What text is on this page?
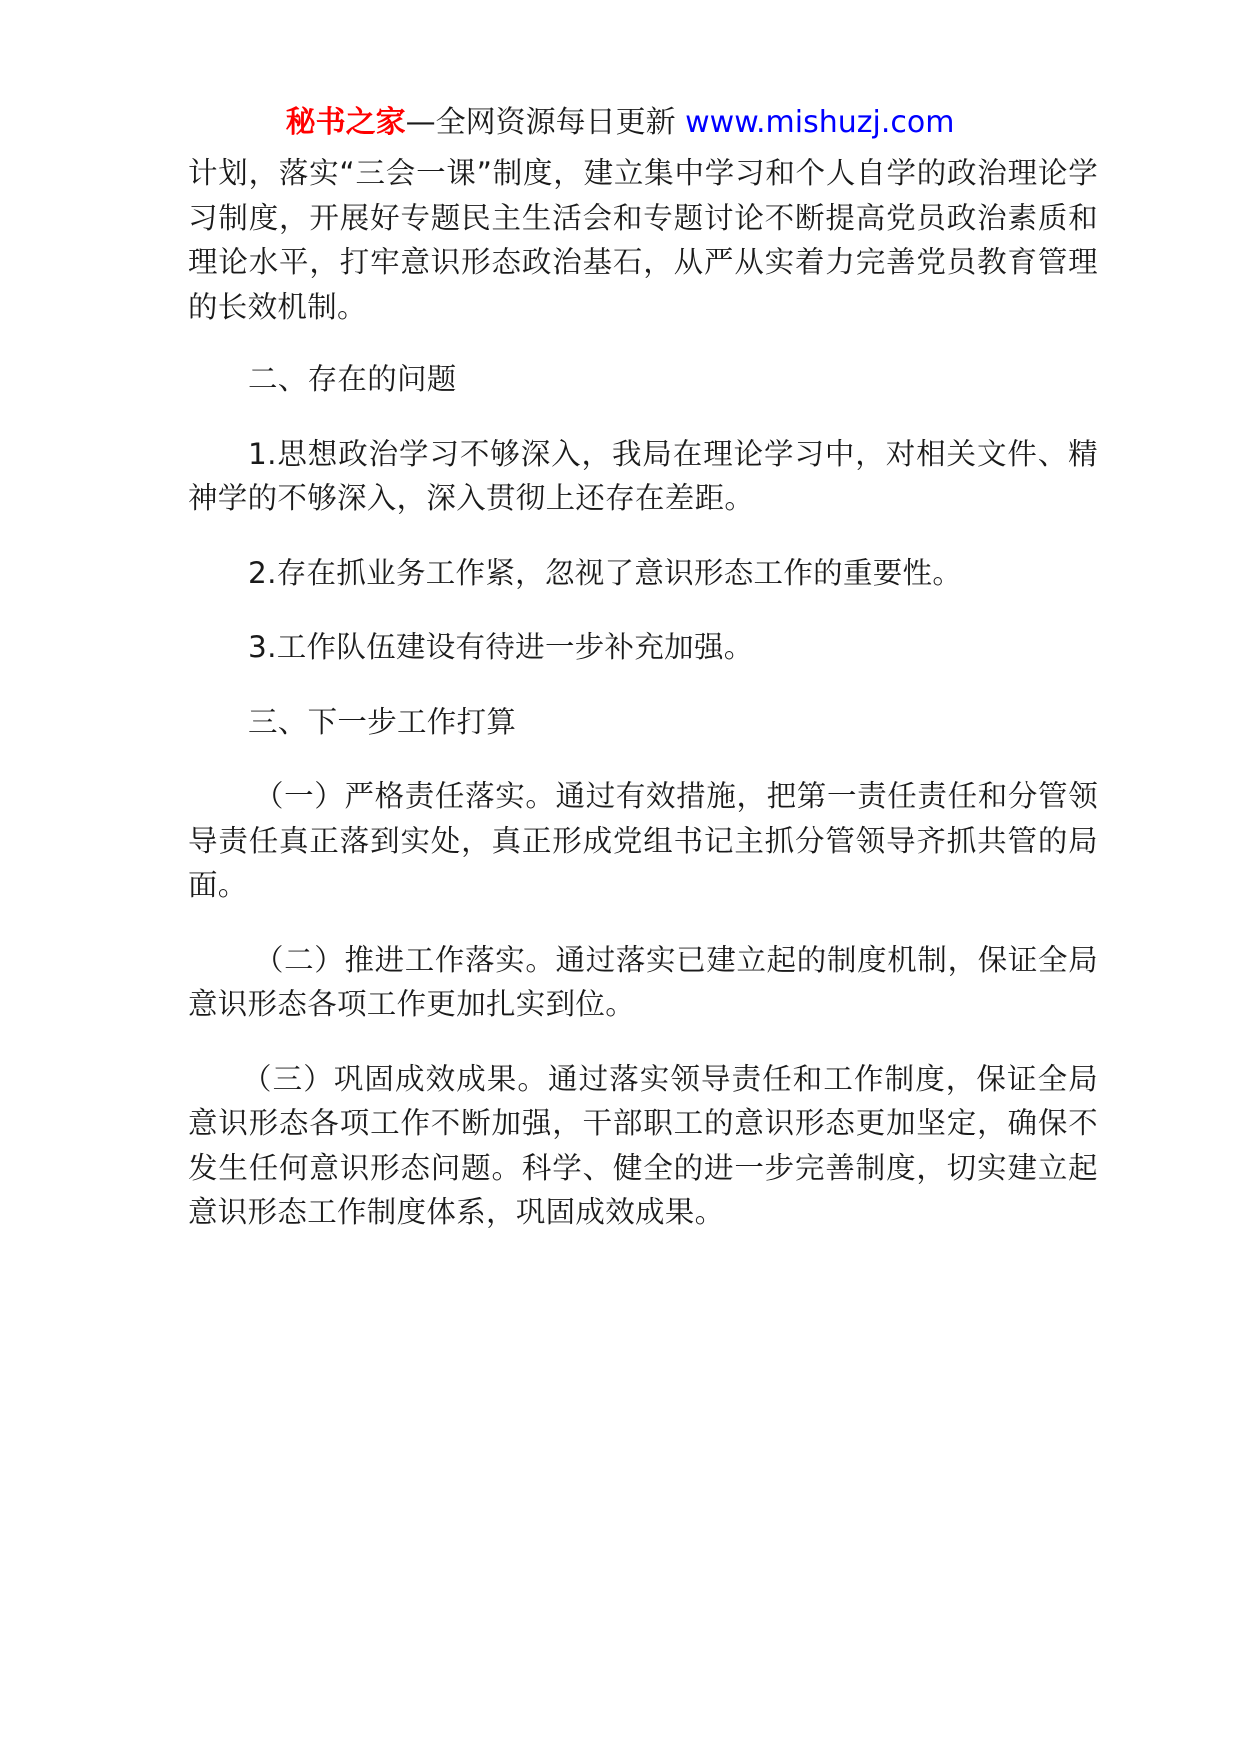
秘书之家—全网资源每日更新 www.mishuzj.com

计划，落实“三会一课”制度，建立集中学习和个人自学的政治理论学习制度，开展好专题民主生活会和专题讨论不断提高党员政治素质和理论水平，打牢意识形态政治基石，从严从实着力完善党员教育管理的长效机制。

二、存在的问题

1.思想政治学习不够深入，我局在理论学习中，对相关文件、精神学的不够深入，深入贯彻上还存在差距。

2.存在抓业务工作紧，忽视了意识形态工作的重要性。

3.工作队伍建设有待进一步补充加强。

三、下一步工作打算

（一）严格责任落实。通过有效措施，把第一责任责任和分管领导责任真正落到实处，真正形成党组书记主抓分管领导齐抓共管的局面。

（二）推进工作落实。通过落实已建立起的制度机制，保证全局意识形态各项工作更加扎实到位。

（三）巩固成效成果。通过落实领导责任和工作制度，保证全局意识形态各项工作不断加强，干部职工的意识形态更加坚定，确保不发生任何意识形态问题。科学、健全的进一步完善制度，切实建立起意识形态工作制度体系，巩固成效成果。
